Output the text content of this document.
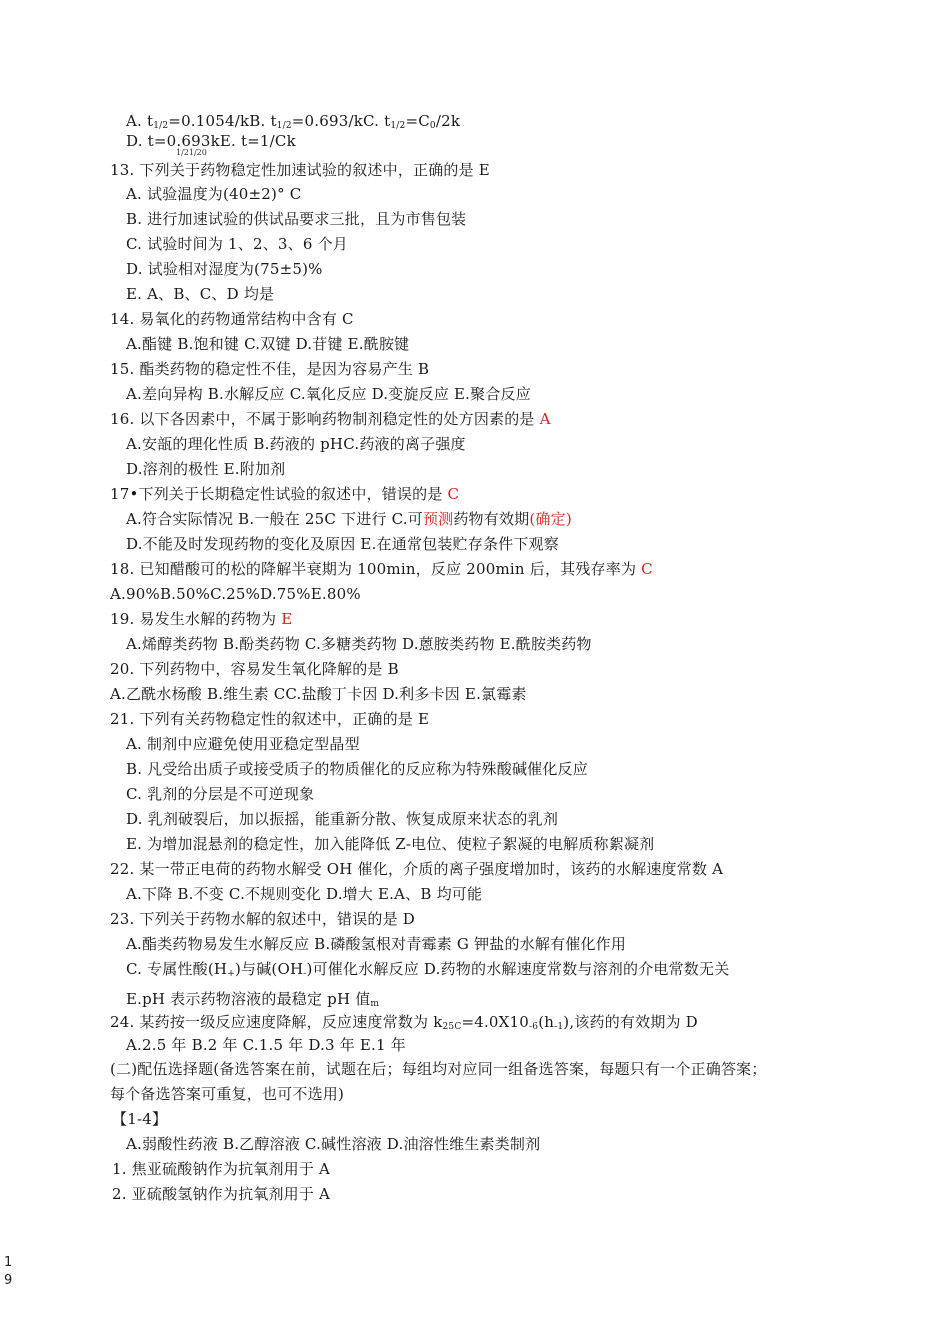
A. $t_{1/2}=0.1054/kB$. $t_{1/2}=0.693/kC$. $t_{1/2}=C_0/2k$
D. t=0.693kE. t=1/Ck
1/21/20
13. 下列关于药物稳定性加速试验的叙述中，正确的是 E
A. 试验温度为(40±2)° C
B. 进行加速试验的供试品要求三批，且为市售包装
C. 试验时间为 1、2、3、6 个月
D. 试验相对湿度为(75±5)%
E. A、B、C、D 均是
14. 易氧化的药物通常结构中含有 C
A.酯键 B.饱和键 C.双键 D.苷键 E.酰胺键
15. 酯类药物的稳定性不佳，是因为容易产生 B
A.差向异构 B.水解反应 C.氧化反应 D.变旋反应 E.聚合反应
16. 以下各因素中，不属于影响药物制剂稳定性的处方因素的是 A
A.安瓿的理化性质 B.药液的 pHC.药液的离子强度
D.溶剂的极性 E.附加剂
17•下列关于长期稳定性试验的叙述中，错误的是 C
A.符合实际情况 B.一般在 25C 下进行 C.可预测药物有效期(确定)
D.不能及时发现药物的变化及原因 E.在通常包装贮存条件下观察
18. 已知醋酸可的松的降解半衰期为 100min，反应 200min 后，其残存率为 C
A.90%B.50%C.25%D.75%E.80%
19. 易发生水解的药物为 E
A.烯醇类药物 B.酚类药物 C.多糖类药物 D.蒽胺类药物 E.酰胺类药物
20. 下列药物中，容易发生氧化降解的是 B
A.乙酰水杨酸 B.维生素 CC.盐酸丁卡因 D.利多卡因 E.氯霉素
21. 下列有关药物稳定性的叙述中，正确的是 E
A. 制剂中应避免使用亚稳定型晶型
B. 凡受给出质子或接受质子的物质催化的反应称为特殊酸碱催化反应
C. 乳剂的分层是不可逆现象
D. 乳剂破裂后，加以振摇，能重新分散、恢复成原来状态的乳剂
E. 为增加混悬剂的稳定性，加入能降低 Z-电位、使粒子絮凝的电解质称絮凝剂
22. 某一带正电荷的药物水解受 OH 催化，介质的离子强度增加时，该药的水解速度常数 A
A.下降 B.不变 C.不规则变化 D.增大 E.A、B 均可能
23. 下列关于药物水解的叙述中，错误的是 D
A.酯类药物易发生水解反应 B.磷酸氢根对青霉素 G 钾盐的水解有催化作用
C. 专属性酸$(H_+)$与碱$(OH_-)$可催化水解反应 D.药物的水解速度常数与溶剂的介电常数无关
E.pH 表示药物溶液的最稳定 pH 值$_m$
24. 某药按一级反应速度降解，反应速度常数为 $k_{25C}=4.0X10_{-6}(h_{-1})$,该药的有效期为 D
A.2.5 年 B.2 年 C.1.5 年 D.3 年 E.1 年
(二)配伍选择题(备选答案在前，试题在后；每组均对应同一组备选答案，每题只有一个正确答案；
每个备选答案可重复，也可不选用)
【1-4】
A.弱酸性药液 B.乙醇溶液 C.碱性溶液 D.油溶性维生素类制剂
1. 焦亚硫酸钠作为抗氧剂用于 A
2. 亚硫酸氢钠作为抗氧剂用于 A
1
9
